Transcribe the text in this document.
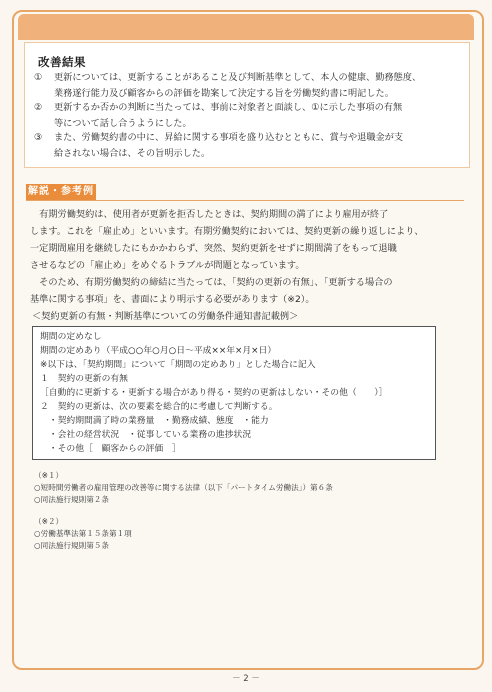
改善結果
① 更新については、更新することがあること及び判断基準として、本人の健康、勤務態度、
業務遂行能力及び顧客からの評価を勘案して決定する旨を労働契約書に明記した。
② 更新するか否かの判断に当たっては、事前に対象者と面談し、①に示した事項の有無
等について話し合うようにした。
③ また、労働契約書の中に、昇給に関する事項を盛り込むとともに、賞与や退職金が支
給されない場合は、その旨明示した。
解説・参考例
　有期労働契約は、使用者が更新を拒否したときは、契約期間の満了により雇用が終了
します。これを「雇止め」といいます。有期労働契約においては、契約更新の繰り返しにより、
一定期間雇用を継続したにもかかわらず、突然、契約更新をせずに期間満了をもって退職
させるなどの「雇止め」をめぐるトラブルが問題となっています。
　そのため、有期労働契約の締結に当たっては、「契約の更新の有無」、「更新する場合の
基準に関する事項」を、書面により明示する必要があります（※2）。
＜契約更新の有無・判断基準についての労働条件通知書記載例＞
期間の定めなし
期間の定めあり（平成○○年○月○日～平成××年×月×日）
※以下は、「契約期間」について「期間の定めあり」とした場合に記入
１　契約の更新の有無
［自動的に更新する・更新する場合があり得る・契約の更新はしない・その他（　　）］
２　契約の更新は、次の要素を総合的に考慮して判断する。
　・契約期間満了時の業務量　・勤務成績、態度　・能力
　・会社の経営状況　・従事している業務の進捗状況
　・その他［　顧客からの評価　］
（※１）
○短時間労働者の雇用管理の改善等に関する法律（以下「パートタイム労働法」）第６条
○同法施行規則第２条
（※２）
○労働基準法第１５条第１項
○同法施行規則第５条
－ 2 －
